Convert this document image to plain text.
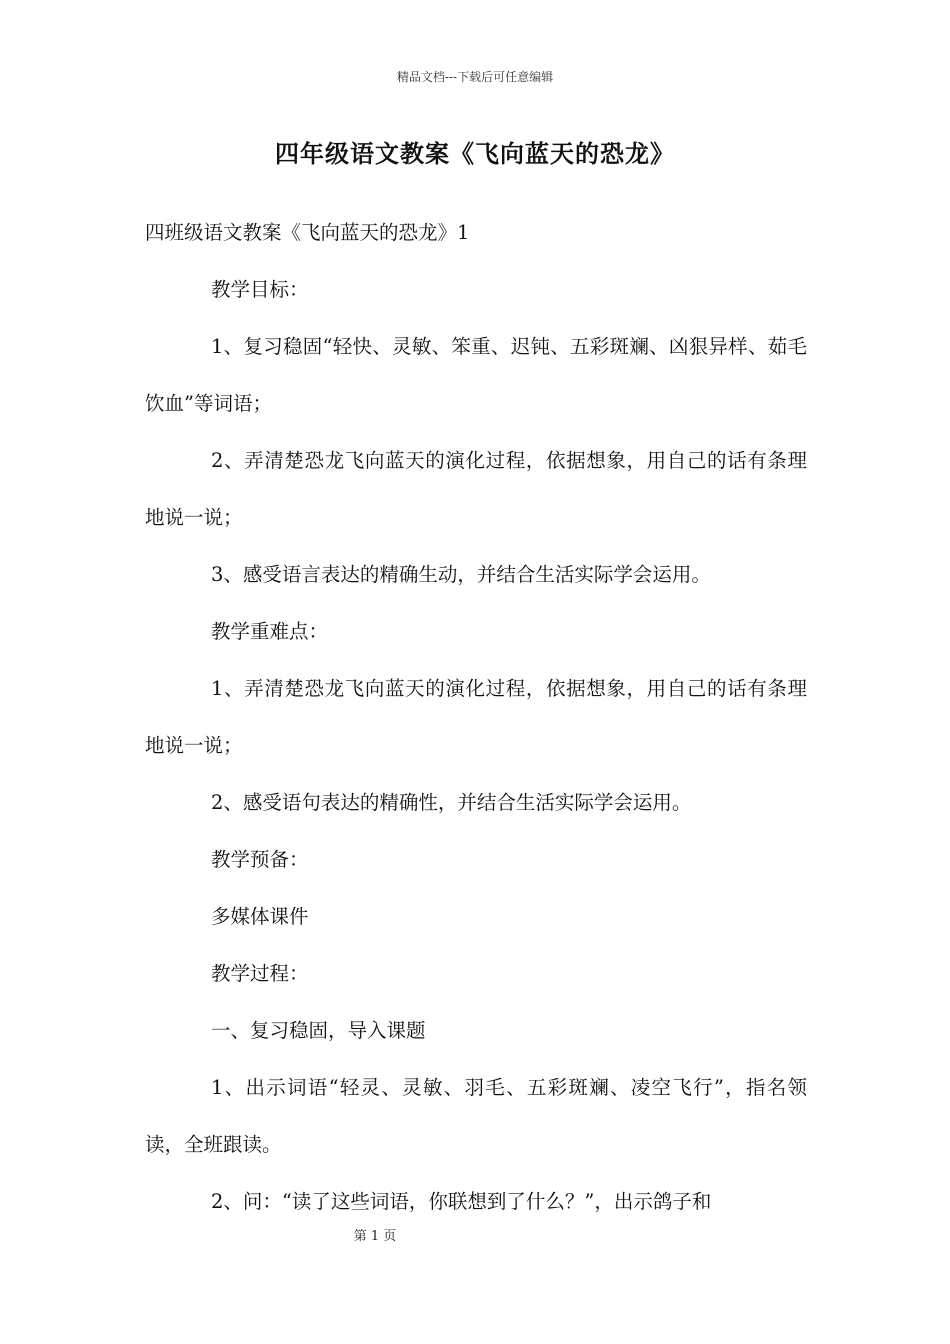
精品文档---下载后可任意编辑
四年级语文教案《飞向蓝天的恐龙》

四班级语文教案《飞向蓝天的恐龙》1

教学目标：

1、复习稳固“轻快、灵敏、笨重、迟钝、五彩斑斓、凶狠异样、茹毛饮血”等词语；

2、弄清楚恐龙飞向蓝天的演化过程，依据想象，用自己的话有条理地说一说；

3、感受语言表达的精确生动，并结合生活实际学会运用。

教学重难点：

1、弄清楚恐龙飞向蓝天的演化过程，依据想象，用自己的话有条理地说一说；

2、感受语句表达的精确性，并结合生活实际学会运用。

教学预备：

多媒体课件

教学过程：

一、复习稳固，导入课题

1、出示词语“轻灵、灵敏、羽毛、五彩斑斓、凌空飞行”，指名领读，全班跟读。

2、问：“读了这些词语，你联想到了什么？”，出示鸽子和

第 1 页
